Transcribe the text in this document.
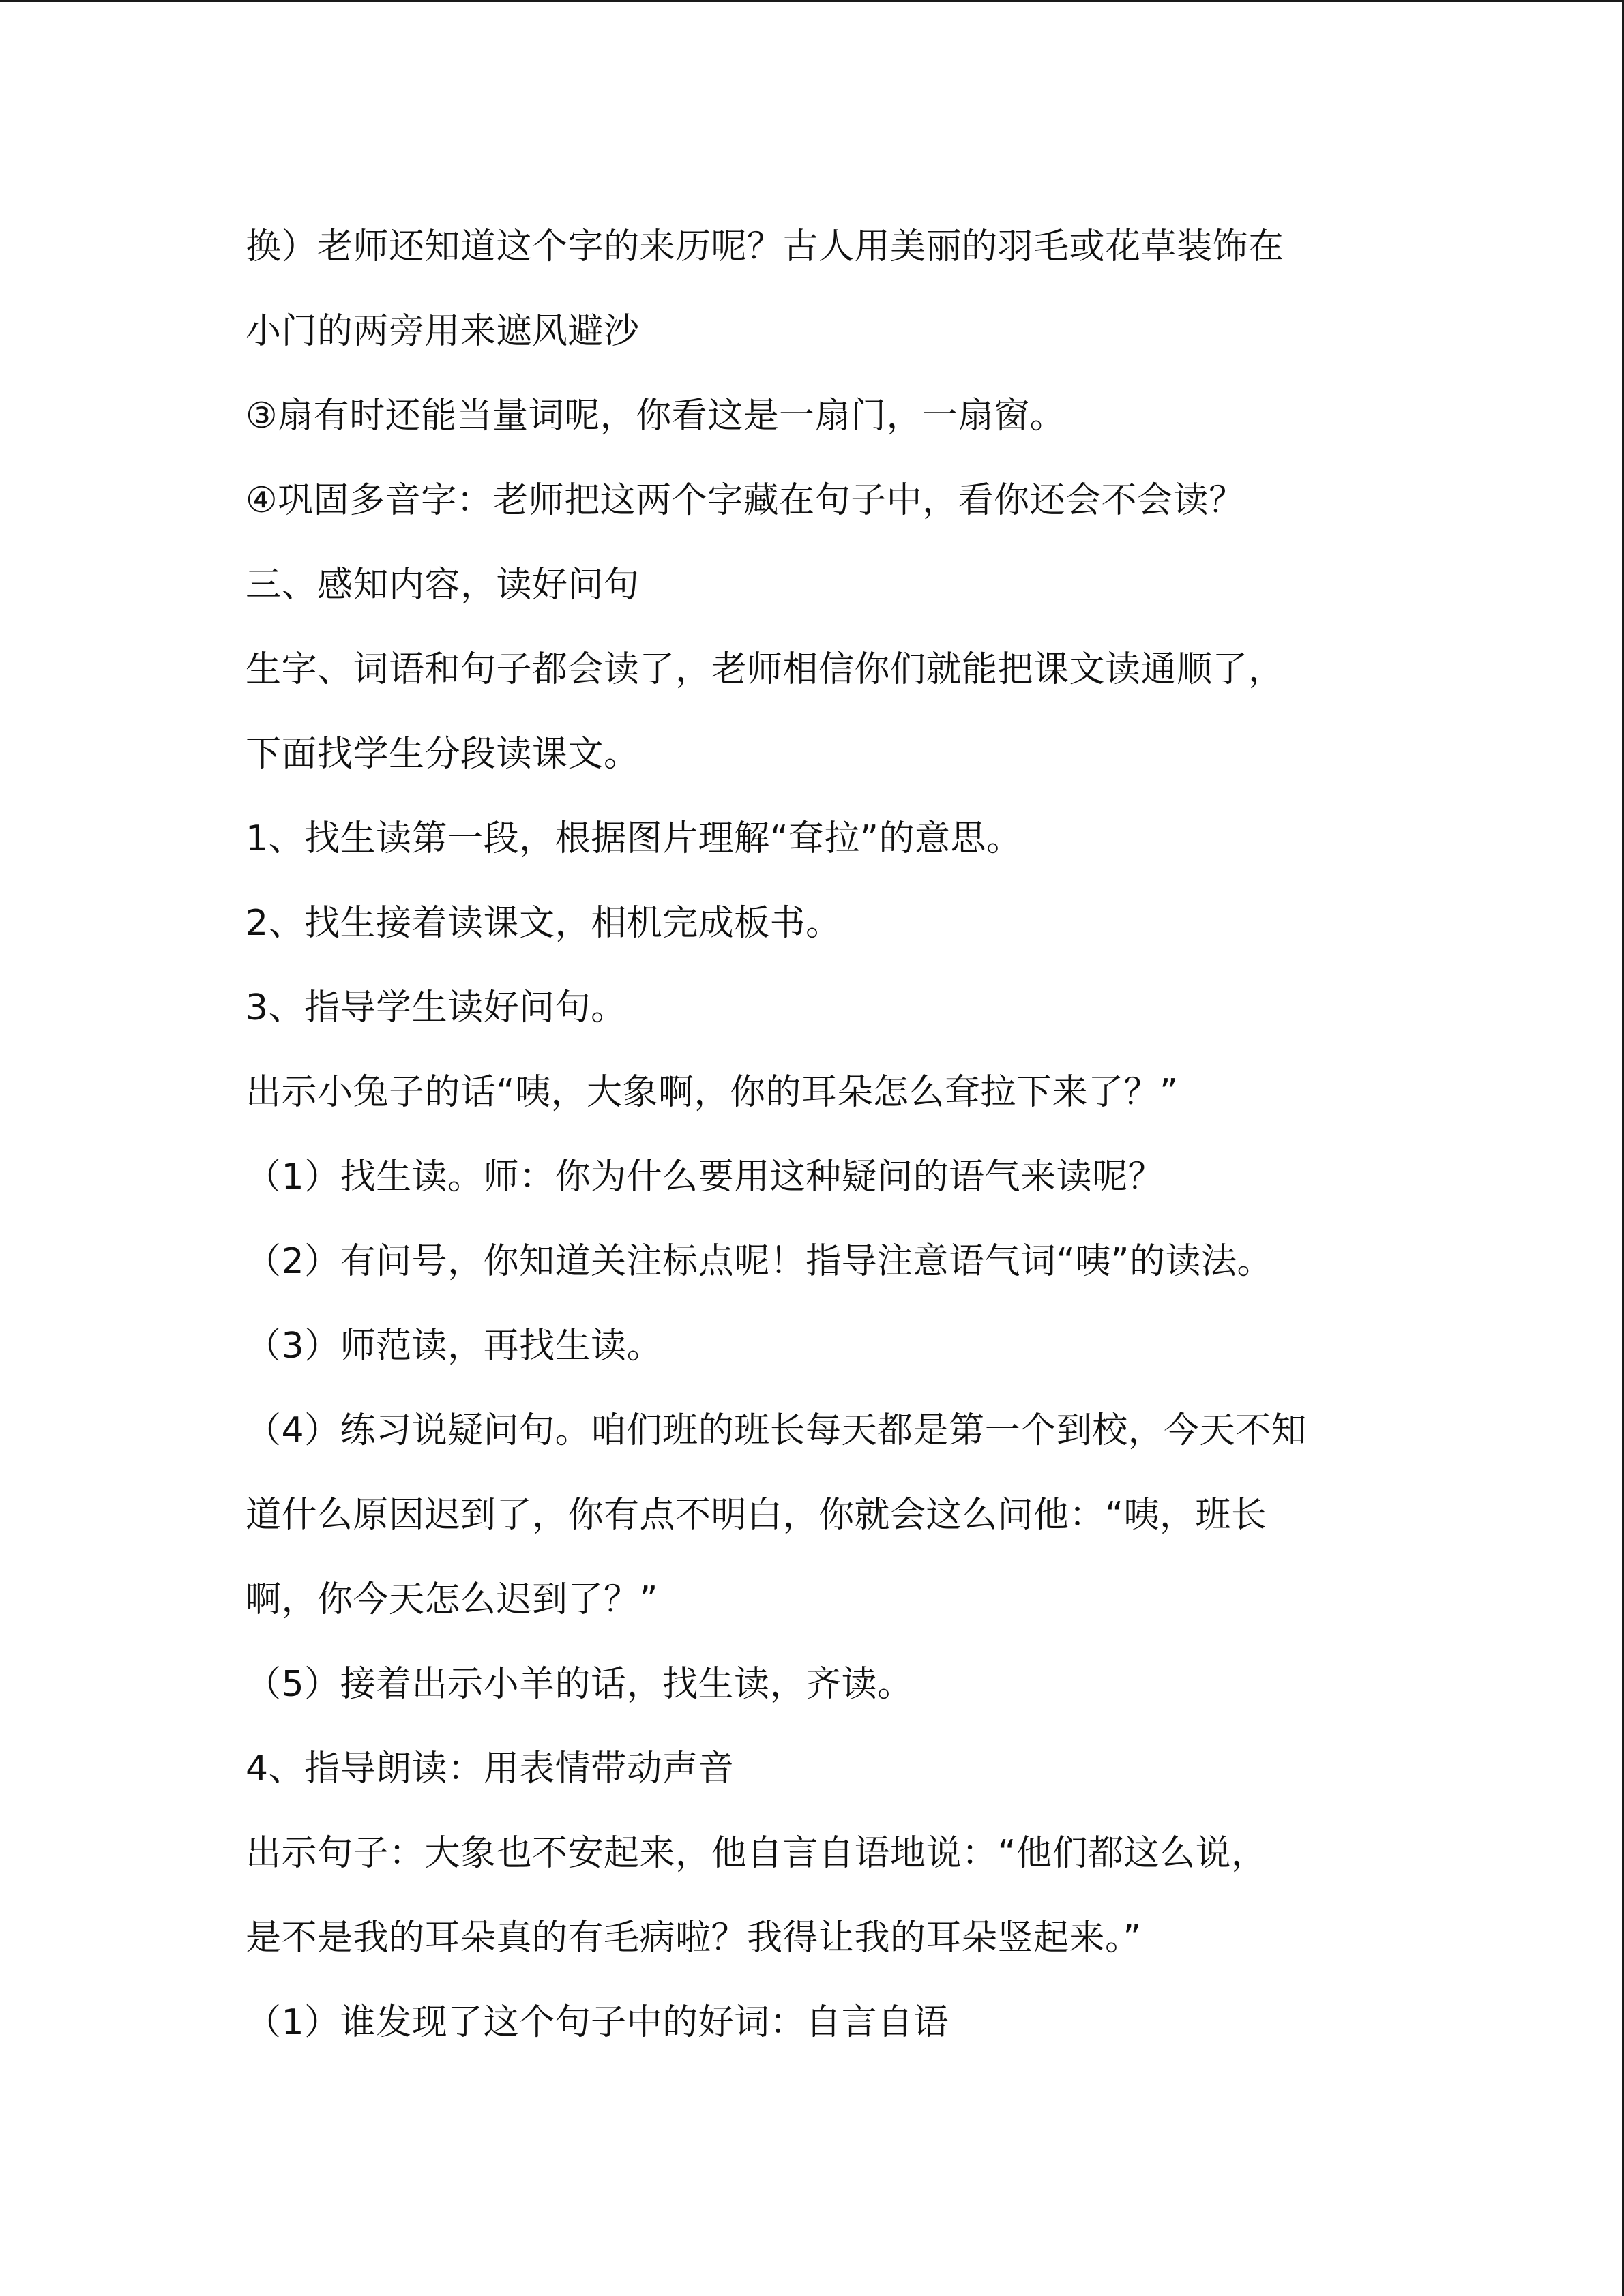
换）老师还知道这个字的来历呢？古人用美丽的羽毛或花草装饰在
小门的两旁用来遮风避沙
③扇有时还能当量词呢，你看这是一扇门，一扇窗。
④巩固多音字：老师把这两个字藏在句子中，看你还会不会读？
三、感知内容，读好问句
生字、词语和句子都会读了，老师相信你们就能把课文读通顺了，
下面找学生分段读课文。
1、找生读第一段，根据图片理解“耷拉”的意思。
2、找生接着读课文，相机完成板书。
3、指导学生读好问句。
出示小兔子的话“咦，大象啊，你的耳朵怎么耷拉下来了？”
（1）找生读。师：你为什么要用这种疑问的语气来读呢？
（2）有问号，你知道关注标点呢！指导注意语气词“咦”的读法。
（3）师范读，再找生读。
（4）练习说疑问句。咱们班的班长每天都是第一个到校，今天不知
道什么原因迟到了，你有点不明白，你就会这么问他：“咦，班长
啊，你今天怎么迟到了？”
（5）接着出示小羊的话，找生读，齐读。
4、指导朗读：用表情带动声音
出示句子：大象也不安起来，他自言自语地说：“他们都这么说，
是不是我的耳朵真的有毛病啦？我得让我的耳朵竖起来。”
（1）谁发现了这个句子中的好词：自言自语
